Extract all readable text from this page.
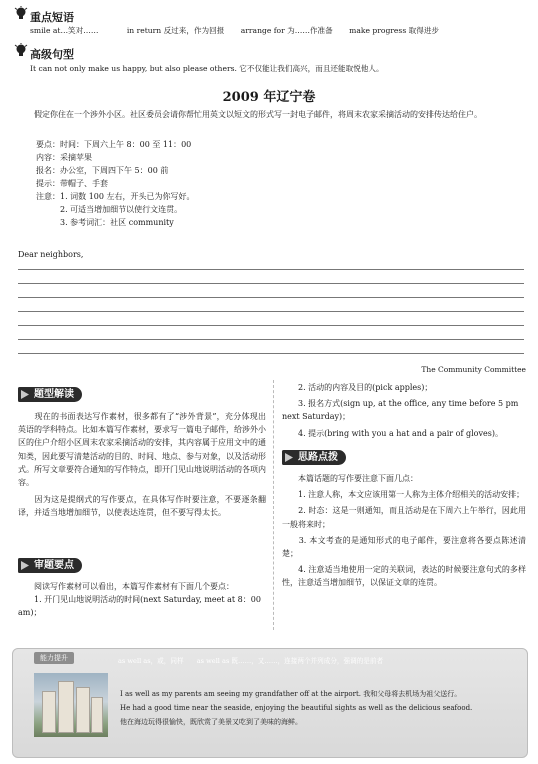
重点短语
smile at…笑对……	in return 反过来，作为回报 arrange for 为……作准备 make progress 取得进步
高级句型
It can not only make us happy, but also please others. 它不仅能让我们高兴，而且还能取悦他人。
2009 年辽宁卷
假定你住在一个涉外小区。社区委员会请你帮忙用英文以短文的形式写一封电子邮件，将周末农家采摘活动的安排传达给住户。
要点：时间：下周六上午 8：00 至 11：00
内容：采摘苹果
报名：办公室，下周四下午 5：00 前
提示：带帽子、手套
注意：1. 词数 100 左右，开头已为你写好。
2. 可适当增加细节以使行文连贯。
3. 参考词汇：社区 community
Dear neighbors,
The Community Committee
题型解读

　　现在的书面表达写作素材，很多都有了“涉外背景”，充分体现出英语的学科特点。比如本篇写作素材，要求写一篇电子邮件，给涉外小区的住户介绍小区周末农家采摘活动的安排，其内容属于应用文中的通知类，因此要写清楚活动的目的、时间、地点、参与对象，以及活动形式。所写文章要符合通知的写作特点，即开门见山地说明活动的各项内容。

　　因为这是提纲式的写作要点，在具体写作时要注意，不要逐条翻译，并适当地增加细节，以使表达连贯，但不要写得太长。

审题要点

　　阅读写作素材可以看出，本篇写作素材有下面几个要点：

　　1. 开门见山地说明活动的时间(next Saturday, meet at 8：00 am)；

　　2. 活动的内容及目的(pick apples)；

　　3. 报名方式(sign up, at the office, any time before 5 pm next Saturday)；

　　4. 提示(bring with you a hat and a pair of gloves)。

思路点拨

　　本篇话题的写作要注意下面几点：

　　1. 注意人称，本文应该用第一人称为主体介绍相关的活动安排；

　　2. 时态：这是一则通知，而且活动是在下周六上午举行，因此用一般将来时；

　　3. 本文考查的是通知形式的电子邮件，要注意将各要点陈述清楚；

　　4. 注意适当地使用一定的关联词，表达的时候要注意句式的多样性，注意适当增加细节，以保证文章的连贯。

能力提升	as well as，或，同样　　as well as 既……，又……，连接两个并列成分，强调的是前者
I as well as my parents am seeing my grandfather off at the airport. 我和父母将去机场为祖父送行。
He had a good time near the seaside, enjoying the beautiful sights as well as the delicious seafood.
他在海边玩得很愉快，既欣赏了美景又吃到了美味的海鲜。
